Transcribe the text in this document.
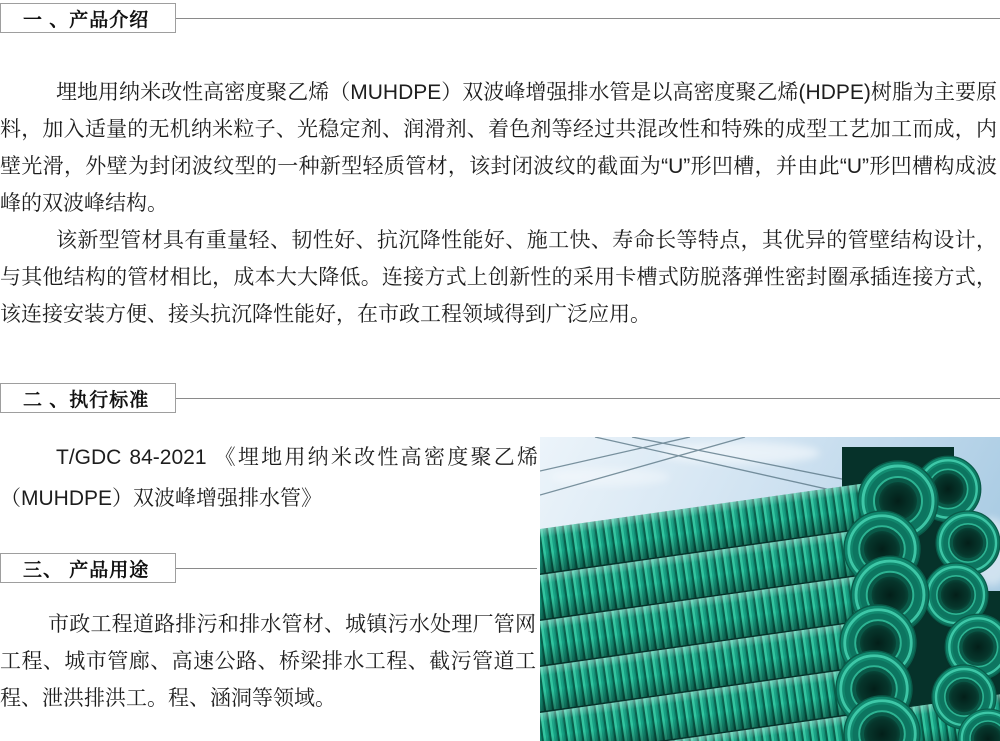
一 、产品介绍

埋地用纳米改性高密度聚乙烯（MUHDPE）双波峰增强排水管是以高密度聚乙烯(HDPE)树脂为主要原料，加入适量的无机纳米粒子、光稳定剂、润滑剂、着色剂等经过共混改性和特殊的成型工艺加工而成，内壁光滑，外壁为封闭波纹型的一种新型轻质管材，该封闭波纹的截面为“U”形凹槽，并由此“U”形凹槽构成波峰的双波峰结构。

该新型管材具有重量轻、韧性好、抗沉降性能好、施工快、寿命长等特点，其优异的管壁结构设计，与其他结构的管材相比，成本大大降低。连接方式上创新性的采用卡槽式防脱落弹性密封圈承插连接方式，该连接安装方便、接头抗沉降性能好，在市政工程领域得到广泛应用。

二 、执行标准

T/GDC 84-2021 《埋地用纳米改性高密度聚乙烯（MUHDPE）双波峰增强排水管》

三、 产品用途

市政工程道路排污和排水管材、城镇污水处理厂管网工程、城市管廊、高速公路、桥梁排水工程、截污管道工程、泄洪排洪工。程、涵洞等领域。
